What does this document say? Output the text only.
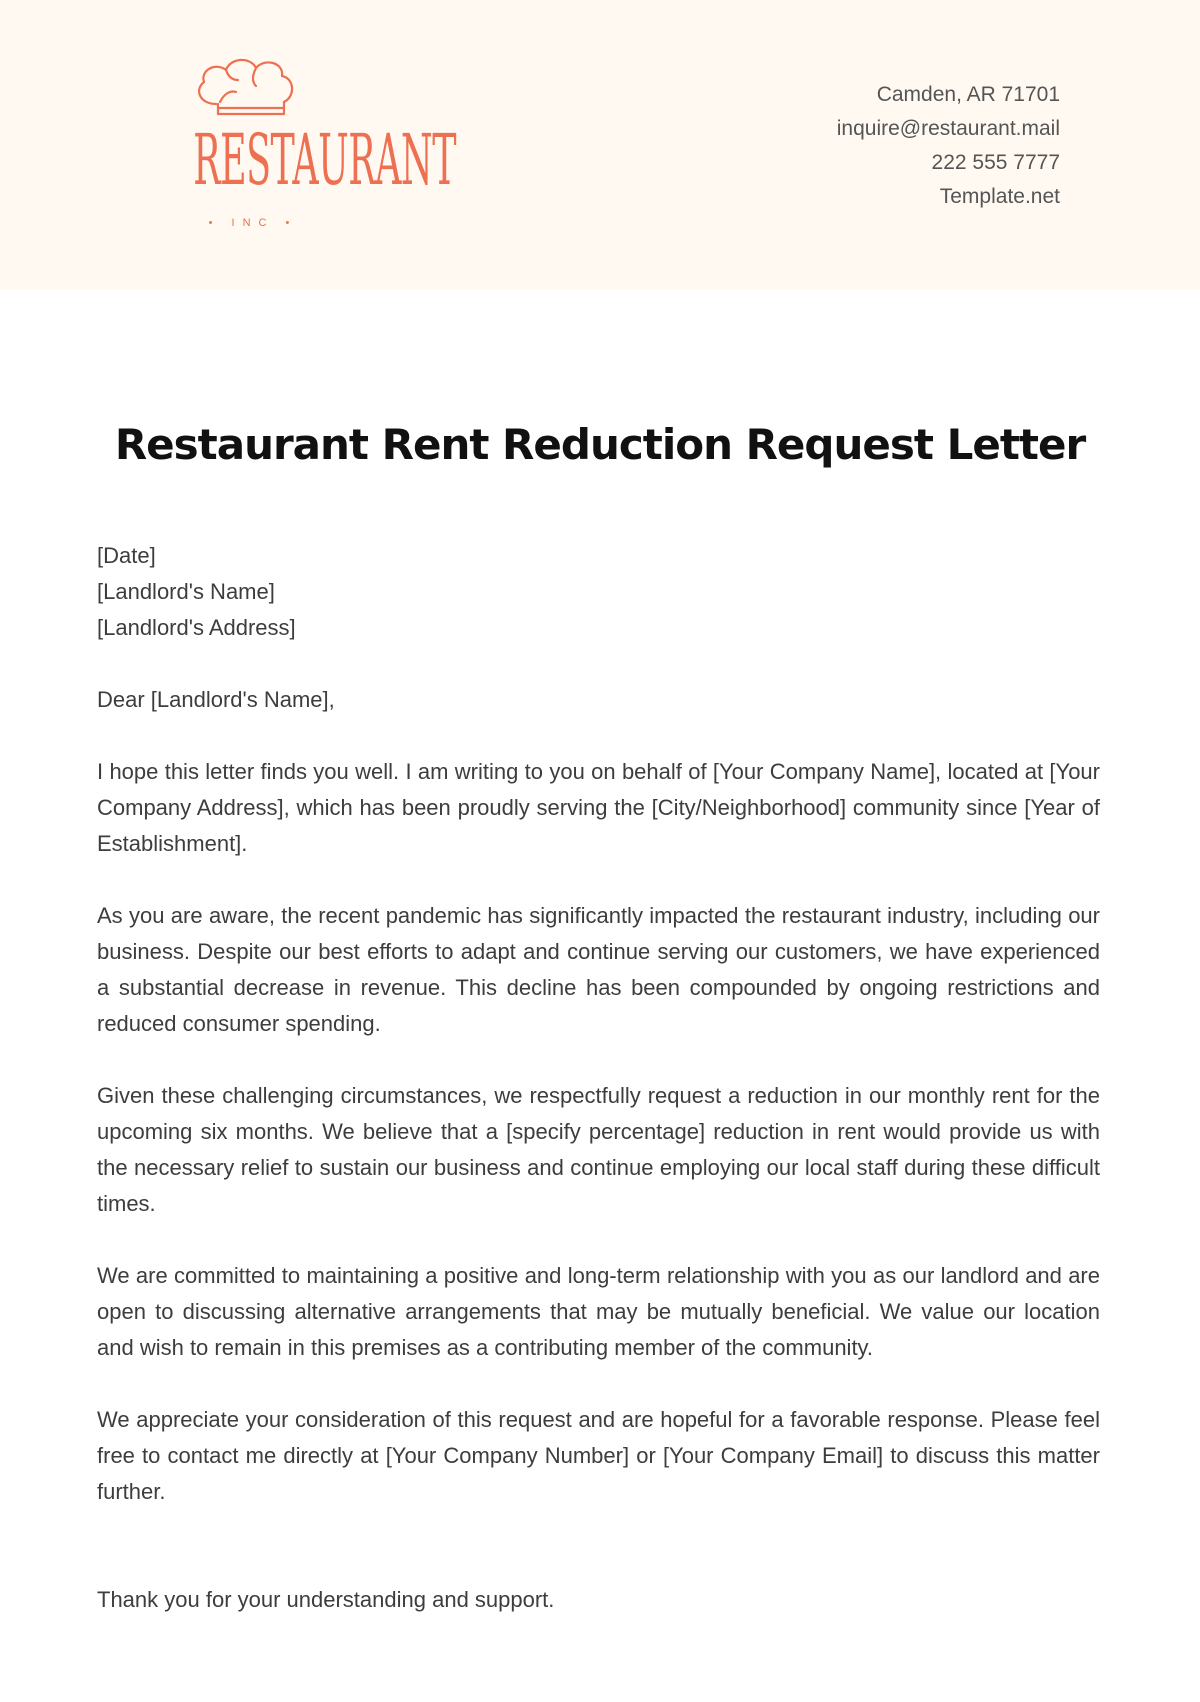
RESTAURANT
• INC •
Camden, AR 71701
inquire@restaurant.mail
222 555 7777
Template.net
Restaurant Rent Reduction Request Letter

[Date]
[Landlord's Name]
[Landlord's Address]

Dear [Landlord's Name],

I hope this letter finds you well. I am writing to you on behalf of [Your Company Name], located at [Your Company Address], which has been proudly serving the [City/Neighborhood] community since [Year of Establishment].

As you are aware, the recent pandemic has significantly impacted the restaurant industry, including our business. Despite our best efforts to adapt and continue serving our customers, we have experienced a substantial decrease in revenue. This decline has been compounded by ongoing restrictions and reduced consumer spending.

Given these challenging circumstances, we respectfully request a reduction in our monthly rent for the upcoming six months. We believe that a [specify percentage] reduction in rent would provide us with the necessary relief to sustain our business and continue employing our local staff during these difficult times.

We are committed to maintaining a positive and long-term relationship with you as our landlord and are open to discussing alternative arrangements that may be mutually beneficial. We value our location and wish to remain in this premises as a contributing member of the community.

We appreciate your consideration of this request and are hopeful for a favorable response. Please feel free to contact me directly at [Your Company Number] or [Your Company Email] to discuss this matter further.

Thank you for your understanding and support.
